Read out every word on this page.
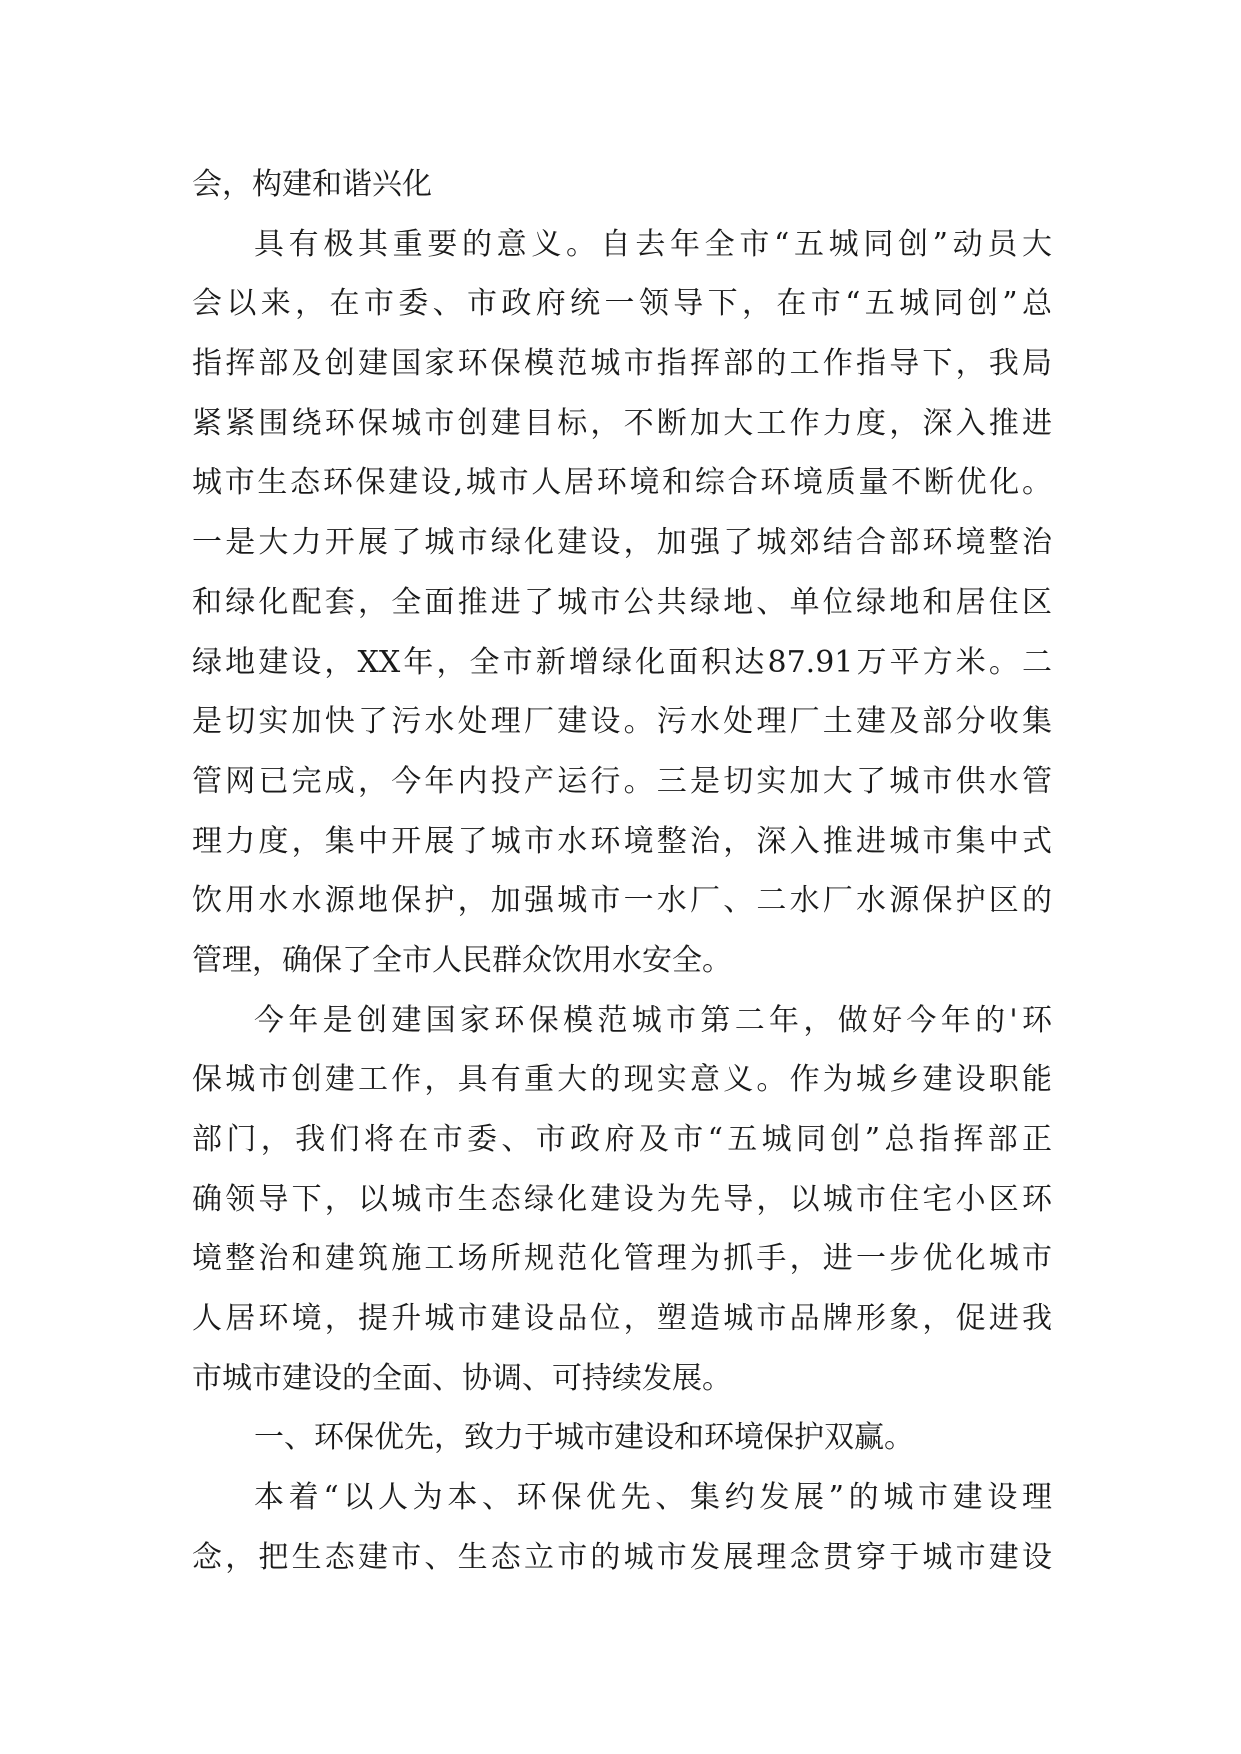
会，构建和谐兴化
具有极其重要的意义。自去年全市“五城同创”动员大
会以来，在市委、市政府统一领导下，在市“五城同创”总
指挥部及创建国家环保模范城市指挥部的工作指导下，我局
紧紧围绕环保城市创建目标，不断加大工作力度，深入推进
城市生态环保建设,城市人居环境和综合环境质量不断优化。
一是大力开展了城市绿化建设，加强了城郊结合部环境整治
和绿化配套，全面推进了城市公共绿地、单位绿地和居住区
绿地建设，XX年，全市新增绿化面积达87.91万平方米。二
是切实加快了污水处理厂建设。污水处理厂土建及部分收集
管网已完成，今年内投产运行。三是切实加大了城市供水管
理力度，集中开展了城市水环境整治，深入推进城市集中式
饮用水水源地保护，加强城市一水厂、二水厂水源保护区的
管理，确保了全市人民群众饮用水安全。
今年是创建国家环保模范城市第二年，做好今年的'环
保城市创建工作，具有重大的现实意义。作为城乡建设职能
部门，我们将在市委、市政府及市“五城同创”总指挥部正
确领导下，以城市生态绿化建设为先导，以城市住宅小区环
境整治和建筑施工场所规范化管理为抓手，进一步优化城市
人居环境，提升城市建设品位，塑造城市品牌形象，促进我
市城市建设的全面、协调、可持续发展。
一、环保优先，致力于城市建设和环境保护双赢。
本着“以人为本、环保优先、集约发展”的城市建设理
念，把生态建市、生态立市的城市发展理念贯穿于城市建设
